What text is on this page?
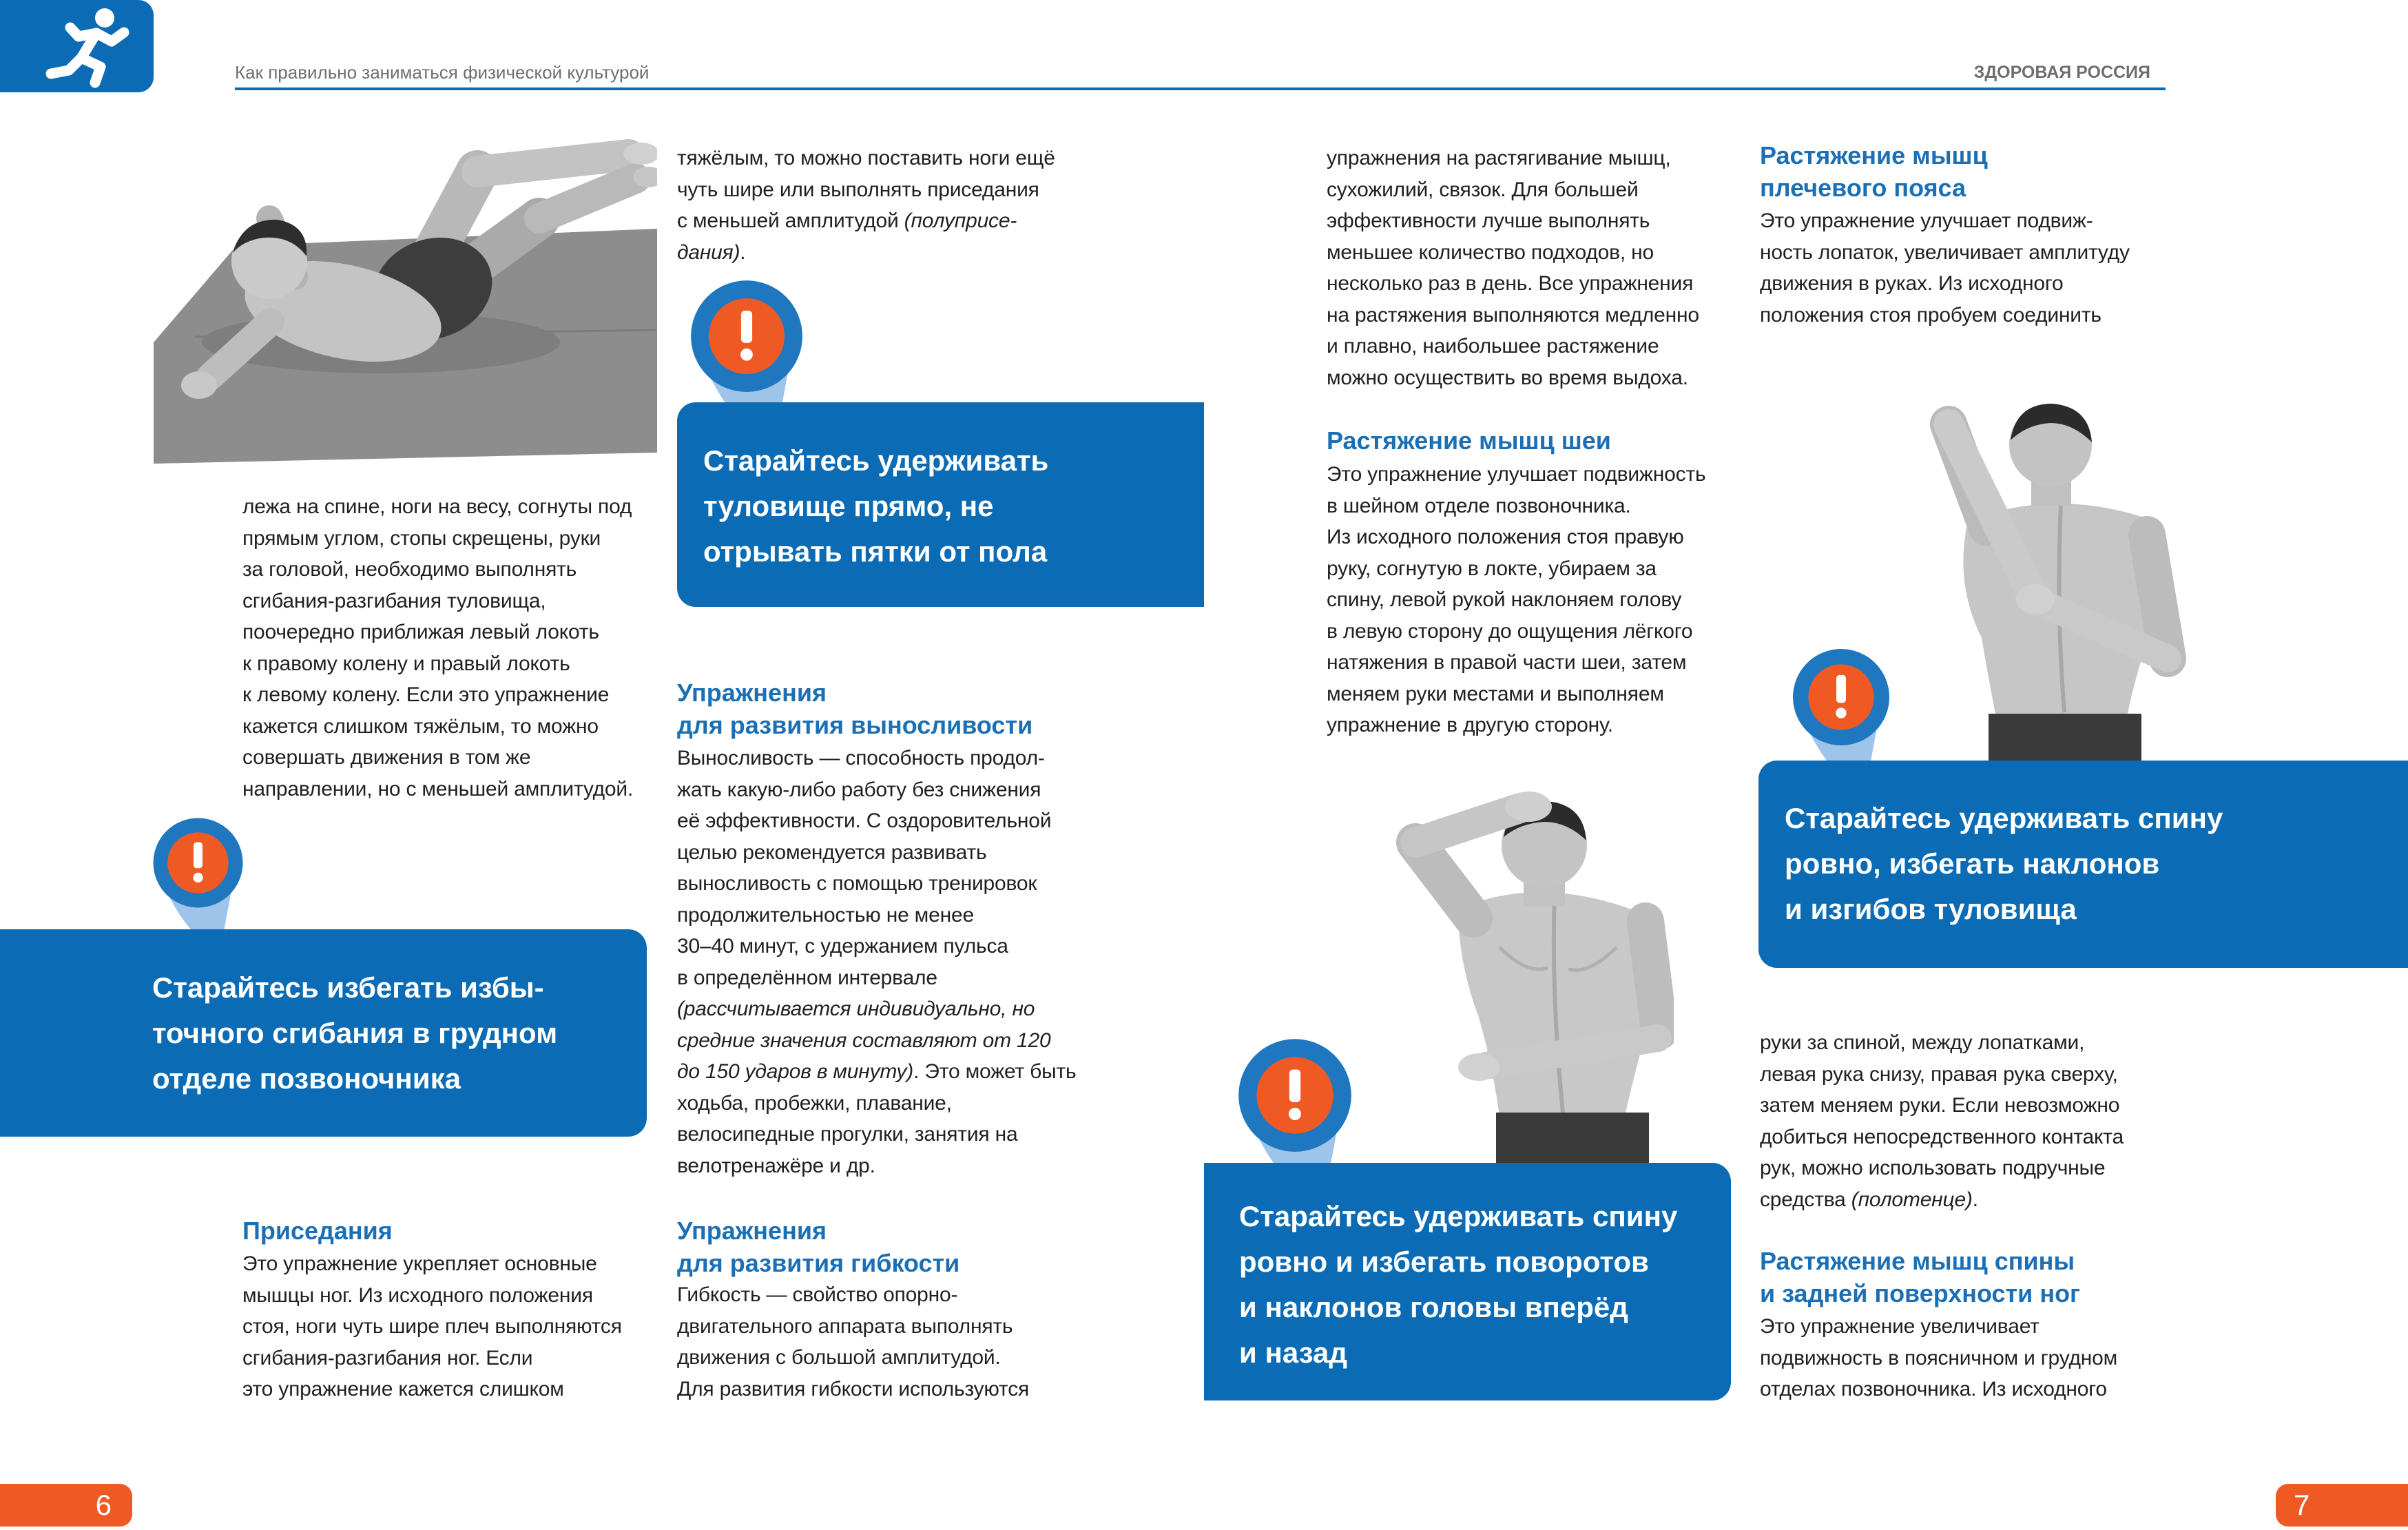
Как правильно заниматься физической культурой	ЗДОРОВАЯ РОССИЯ

лежа на спине, ноги на весу, согнуты под
прямым углом, стопы скрещены, руки
за головой, необходимо выполнять
сгибания-разгибания туловища,
поочередно приближая левый локоть
к правому колену и правый локоть
к левому колену. Если это упражнение
кажется слишком тяжёлым, то можно
совершать движения в том же
направлении, но с меньшей амплитудой.

Старайтесь избегать избы-
точного сгибания в грудном
отделе позвоночника

Приседания

Это упражнение укрепляет основные
мышцы ног. Из исходного положения
стоя, ноги чуть шире плеч выполняются
сгибания-разгибания ног. Если
это упражнение кажется слишком

тяжёлым, то можно поставить ноги ещё
чуть шире или выполнять приседания
с меньшей амплитудой (полуприсе-
дания).

Старайтесь удерживать
туловище прямо, не
отрывать пятки от пола

Упражнения
для развития выносливости

Выносливость — способность продол-
жать какую-либо работу без снижения
её эффективности. С оздоровительной
целью рекомендуется развивать
выносливость с помощью тренировок
продолжительностью не менее
30–40 минут, с удержанием пульса
в определённом интервале
(рассчитывается индивидуально, но
средние значения составляют от 120
до 150 ударов в минуту). Это может быть
ходьба, пробежки, плавание,
велосипедные прогулки, занятия на
велотренажёре и др.

Упражнения
для развития гибкости

Гибкость — свойство опорно-
двигательного аппарата выполнять
движения с большой амплитудой.
Для развития гибкости используются

упражнения на растягивание мышц,
сухожилий, связок. Для большей
эффективности лучше выполнять
меньшее количество подходов, но
несколько раз в день. Все упражнения
на растяжения выполняются медленно
и плавно, наибольшее растяжение
можно осуществить во время выдоха.

Растяжение мышц шеи

Это упражнение улучшает подвижность
в шейном отделе позвоночника.
Из исходного положения стоя правую
руку, согнутую в локте, убираем за
спину, левой рукой наклоняем голову
в левую сторону до ощущения лёгкого
натяжения в правой части шеи, затем
меняем руки местами и выполняем
упражнение в другую сторону.

Старайтесь удерживать спину
ровно и избегать поворотов
и наклонов головы вперёд
и назад

Растяжение мышц
плечевого пояса

Это упражнение улучшает подвиж-
ность лопаток, увеличивает амплитуду
движения в руках. Из исходного
положения стоя пробуем соединить

Старайтесь удерживать спину
ровно, избегать наклонов
и изгибов туловища

руки за спиной, между лопатками,
левая рука снизу, правая рука сверху,
затем меняем руки. Если невозможно
добиться непосредственного контакта
рук, можно использовать подручные
средства (полотенце).

Растяжение мышц спины
и задней поверхности ног

Это упражнение увеличивает
подвижность в поясничном и грудном
отделах позвоночника. Из исходного

6	7
